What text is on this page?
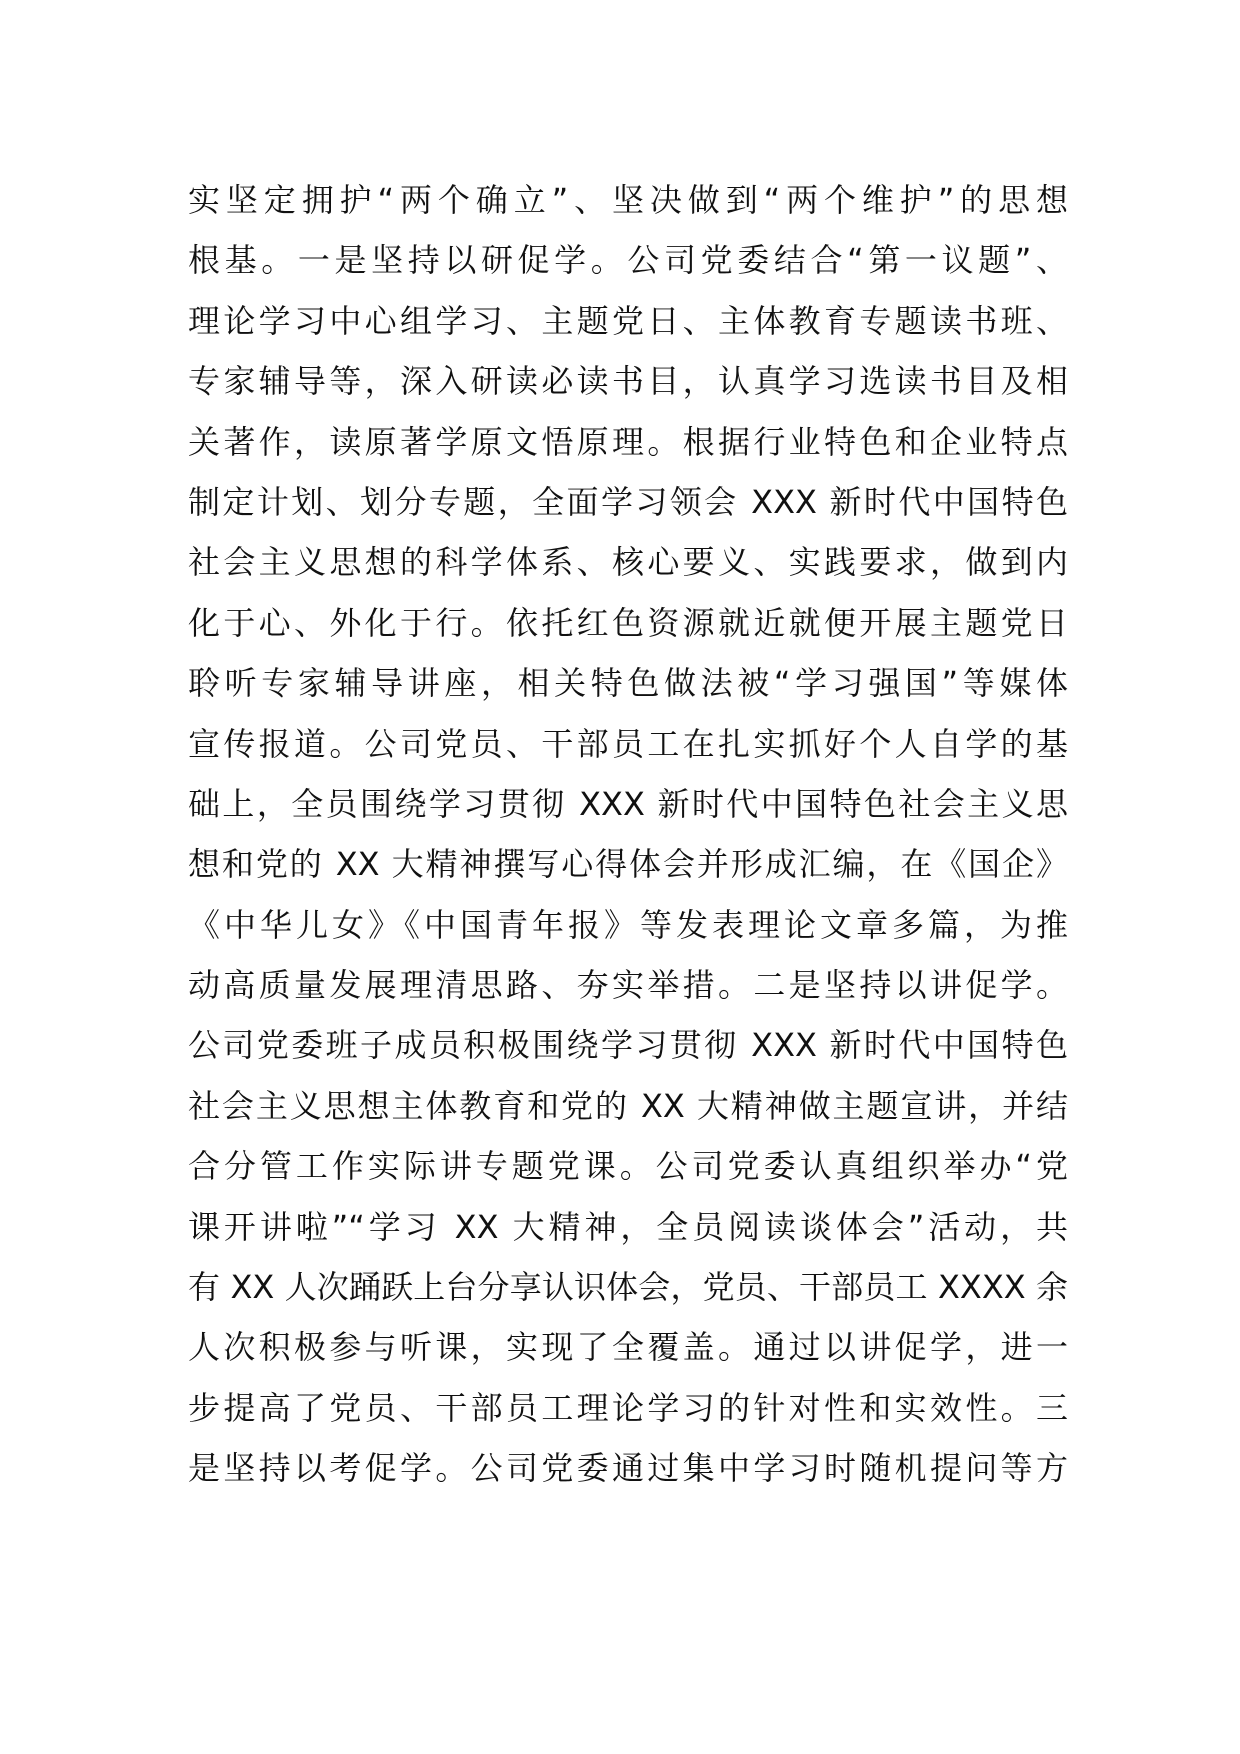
实坚定拥护“两个确立”、坚决做到“两个维护”的思想
根基。一是坚持以研促学。公司党委结合“第一议题”、
理论学习中心组学习、主题党日、主体教育专题读书班、
专家辅导等，深入研读必读书目，认真学习选读书目及相
关著作，读原著学原文悟原理。根据行业特色和企业特点
制定计划、划分专题，全面学习领会 XXX 新时代中国特色
社会主义思想的科学体系、核心要义、实践要求，做到内
化于心、外化于行。依托红色资源就近就便开展主题党日
聆听专家辅导讲座，相关特色做法被“学习强国”等媒体
宣传报道。公司党员、干部员工在扎实抓好个人自学的基
础上，全员围绕学习贯彻 XXX 新时代中国特色社会主义思
想和党的 XX 大精神撰写心得体会并形成汇编，在《国企》
《中华儿女》《中国青年报》等发表理论文章多篇，为推
动高质量发展理清思路、夯实举措。二是坚持以讲促学。
公司党委班子成员积极围绕学习贯彻 XXX 新时代中国特色
社会主义思想主体教育和党的 XX 大精神做主题宣讲，并结
合分管工作实际讲专题党课。公司党委认真组织举办“党
课开讲啦”“学习 XX 大精神，全员阅读谈体会”活动，共
有 XX 人次踊跃上台分享认识体会，党员、干部员工 XXXX 余
人次积极参与听课，实现了全覆盖。通过以讲促学，进一
步提高了党员、干部员工理论学习的针对性和实效性。三
是坚持以考促学。公司党委通过集中学习时随机提问等方
